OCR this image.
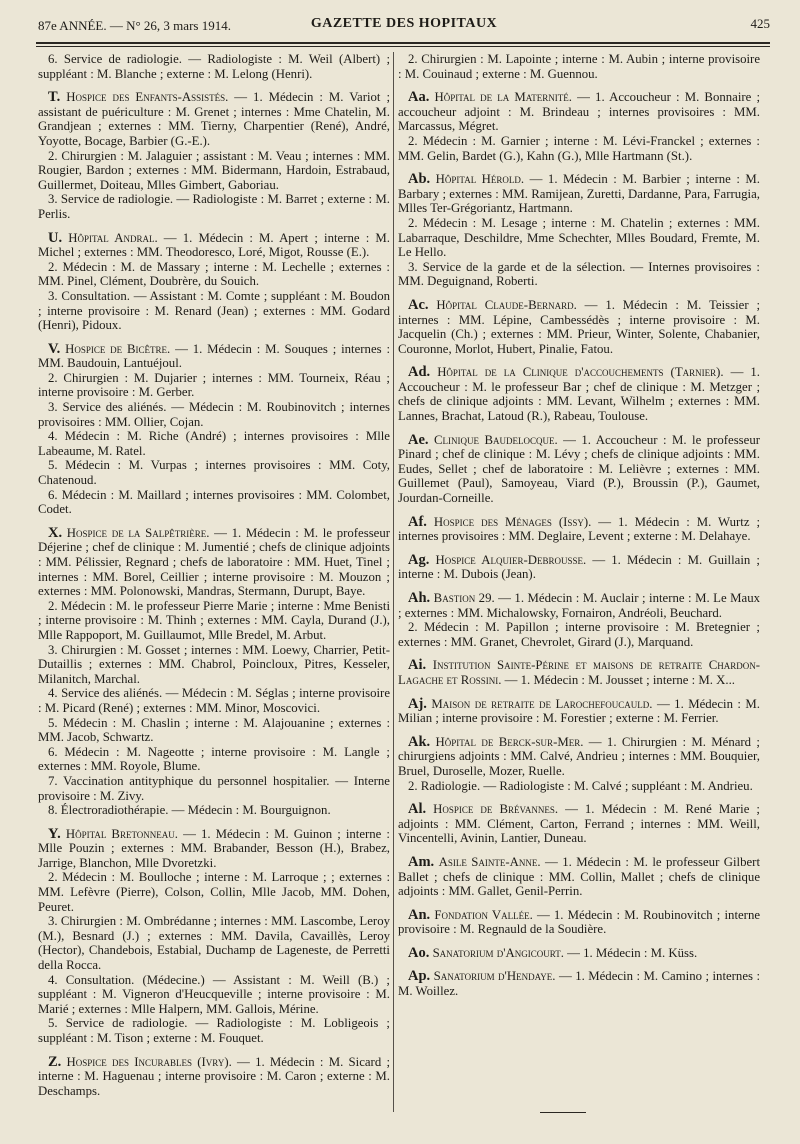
87e ANNÉE. — N° 26, 3 mars 1914.	GAZETTE DES HOPITAUX	425

6. Service de radiologie. — Radiologiste : M. Weil (Albert) ; suppléant : M. Blanche ; externe : M. Lelong (Henri).

T. Hospice des Enfants-Assistés. — 1. Médecin : M. Variot ; assistant de puériculture : M. Grenet ; internes : Mme Chatelin, M. Grandjean ; externes : MM. Tierny, Charpentier (René), André, Yoyotte, Bocage, Barbier (G.-E.).

2. Chirurgien : M. Jalaguier ; assistant : M. Veau ; internes : MM. Rougier, Bardon ; externes : MM. Bidermann, Hardoin, Estrabaud, Guillermet, Doiteau, Mlles Gimbert, Gaboriau.

3. Service de radiologie. — Radiologiste : M. Barret ; externe : M. Perlis.

U. Hôpital Andral. — 1. Médecin : M. Apert ; interne : M. Michel ; externes : MM. Theodoresco, Loré, Migot, Rousse (E.).

2. Médecin : M. de Massary ; interne : M. Lechelle ; externes : MM. Pinel, Clément, Doubrère, du Souich.

3. Consultation. — Assistant : M. Comte ; suppléant : M. Boudon ; interne provisoire : M. Renard (Jean) ; externes : MM. Godard (Henri), Pidoux.

V. Hospice de Bicêtre. — 1. Médecin : M. Souques ; internes : MM. Baudouin, Lantuéjoul.

2. Chirurgien : M. Dujarier ; internes : MM. Tourneix, Réau ; interne provisoire : M. Gerber.

3. Service des aliénés. — Médecin : M. Roubinovitch ; internes provisoires : MM. Ollier, Cojan.

4. Médecin : M. Riche (André) ; internes provisoires : Mlle Labeaume, M. Ratel.

5. Médecin : M. Vurpas ; internes provisoires : MM. Coty, Chatenoud.

6. Médecin : M. Maillard ; internes provisoires : MM. Colombet, Codet.

X. Hospice de la Salpêtrière. — 1. Médecin : M. le professeur Déjerine ; chef de clinique : M. Jumentié ; chefs de clinique adjoints : MM. Pélissier, Regnard ; chefs de laboratoire : MM. Huet, Tinel ; internes : MM. Borel, Ceillier ; interne provisoire : M. Mouzon ; externes : MM. Polonowski, Mandras, Stermann, Durupt, Baye.

2. Médecin : M. le professeur Pierre Marie ; interne : Mme Benisti ; interne provisoire : M. Thinh ; externes : MM. Cayla, Durand (J.), Mlle Rappoport, M. Guillaumot, Mlle Bredel, M. Arbut.

3. Chirurgien : M. Gosset ; internes : MM. Loewy, Charrier, Petit-Dutaillis ; externes : MM. Chabrol, Poincloux, Pitres, Kesseler, Milanitch, Marchal.

4. Service des aliénés. — Médecin : M. Séglas ; interne provisoire : M. Picard (René) ; externes : MM. Minor, Moscovici.

5. Médecin : M. Chaslin ; interne : M. Alajouanine ; externes : MM. Jacob, Schwartz.

6. Médecin : M. Nageotte ; interne provisoire : M. Langle ; externes : MM. Royole, Blume.

7. Vaccination antityphique du personnel hospitalier. — Interne provisoire : M. Zivy.

8. Électroradiothérapie. — Médecin : M. Bourguignon.

Y. Hôpital Bretonneau. — 1. Médecin : M. Guinon ; interne : Mlle Pouzin ; externes : MM. Brabander, Besson (H.), Brabez, Jarrige, Blanchon, Mlle Dvoretzki.

2. Médecin : M. Boulloche ; interne : M. Larroque ; ; externes : MM. Lefèvre (Pierre), Colson, Collin, Mlle Jacob, MM. Dohen, Peuret.

3. Chirurgien : M. Ombrédanne ; internes : MM. Lascombe, Leroy (M.), Besnard (J.) ; externes : MM. Davila, Cavaillès, Leroy (Hector), Chandebois, Estabial, Duchamp de Lageneste, de Perretti della Rocca.

4. Consultation. (Médecine.) — Assistant : M. Weill (B.) ; suppléant : M. Vigneron d'Heucqueville ; interne provisoire : M. Marié ; externes : Mlle Halpern, MM. Gallois, Mérine.

5. Service de radiologie. — Radiologiste : M. Lobligeois ; suppléant : M. Tison ; externe : M. Fouquet.

Z. Hospice des Incurables (Ivry). — 1. Médecin : M. Sicard ; interne : M. Haguenau ; interne provisoire : M. Caron ; externe : M. Deschamps.

2. Chirurgien : M. Lapointe ; interne : M. Aubin ; interne provisoire : M. Couinaud ; externe : M. Guennou.

Aa. Hôpital de la Maternité. — 1. Accoucheur : M. Bonnaire ; accoucheur adjoint : M. Brindeau ; internes provisoires : MM. Marcassus, Mégret.

2. Médecin : M. Garnier ; interne : M. Lévi-Franckel ; externes : MM. Gelin, Bardet (G.), Kahn (G.), Mlle Hartmann (St.).

Ab. Hôpital Hérold. — 1. Médecin : M. Barbier ; interne : M. Barbary ; externes : MM. Ramijean, Zuretti, Dardanne, Para, Farrugia, Mlles Ter-Grégoriantz, Hartmann.

2. Médecin : M. Lesage ; interne : M. Chatelin ; externes : MM. Labarraque, Deschildre, Mme Schechter, Mlles Boudard, Fremte, M. Le Hello.

3. Service de la garde et de la sélection. — Internes provisoires : MM. Deguignand, Roberti.

Ac. Hôpital Claude-Bernard. — 1. Médecin : M. Teissier ; internes : MM. Lépine, Cambessédès ; interne provisoire : M. Jacquelin (Ch.) ; externes : MM. Prieur, Winter, Solente, Chabanier, Couronne, Morlot, Hubert, Pinalie, Fatou.

Ad. Hôpital de la Clinique d'accouchements (Tarnier). — 1. Accoucheur : M. le professeur Bar ; chef de clinique : M. Metzger ; chefs de clinique adjoints : MM. Levant, Wilhelm ; externes : MM. Lannes, Brachat, Latoud (R.), Rabeau, Toulouse.

Ae. Clinique Baudelocque. — 1. Accoucheur : M. le professeur Pinard ; chef de clinique : M. Lévy ; chefs de clinique adjoints : MM. Eudes, Sellet ; chef de laboratoire : M. Lelièvre ; externes : MM. Guillemet (Paul), Samoyeau, Viard (P.), Broussin (P.), Gaumet, Jourdan-Corneille.

Af. Hospice des Ménages (Issy). — 1. Médecin : M. Wurtz ; internes provisoires : MM. Deglaire, Levent ; externe : M. Delahaye.

Ag. Hospice Alquier-Debrousse. — 1. Médecin : M. Guillain ; interne : M. Dubois (Jean).

Ah. Bastion 29. — 1. Médecin : M. Auclair ; interne : M. Le Maux ; externes : MM. Michalowsky, Fornairon, Andréoli, Beuchard.

2. Médecin : M. Papillon ; interne provisoire : M. Bretegnier ; externes : MM. Granet, Chevrolet, Girard (J.), Marquand.

Ai. Institution Sainte-Périne et maisons de retraite Chardon-Lagache et Rossini. — 1. Médecin : M. Jousset ; interne : M. X...

Aj. Maison de retraite de Larochefoucauld. — 1. Médecin : M. Milian ; interne provisoire : M. Forestier ; externe : M. Ferrier.

Ak. Hôpital de Berck-sur-Mer. — 1. Chirurgien : M. Ménard ; chirurgiens adjoints : MM. Calvé, Andrieu ; internes : MM. Bouquier, Bruel, Duroselle, Mozer, Ruelle.

2. Radiologie. — Radiologiste : M. Calvé ; suppléant : M. Andrieu.

Al. Hospice de Brévannes. — 1. Médecin : M. René Marie ; adjoints : MM. Clément, Carton, Ferrand ; internes : MM. Weill, Vincentelli, Avinin, Lantier, Duneau.

Am. Asile Sainte-Anne. — 1. Médecin : M. le professeur Gilbert Ballet ; chefs de clinique : MM. Collin, Mallet ; chefs de clinique adjoints : MM. Gallet, Genil-Perrin.

An. Fondation Vallée. — 1. Médecin : M. Roubinovitch ; interne provisoire : M. Regnauld de la Soudière.

Ao. Sanatorium d'Angicourt. — 1. Médecin : M. Küss.

Ap. Sanatorium d'Hendaye. — 1. Médecin : M. Camino ; internes : M. Woillez.
